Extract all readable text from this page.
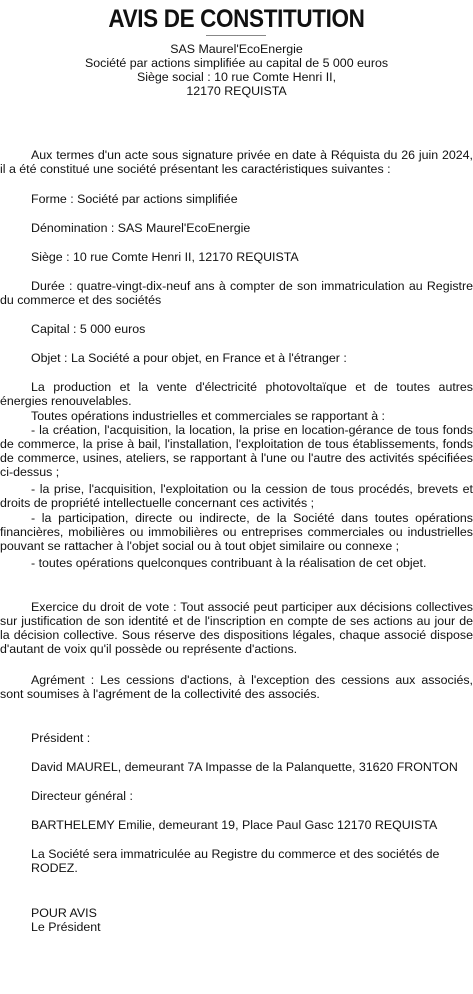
AVIS DE CONSTITUTION
SAS Maurel'EcoEnergie
Société par actions simplifiée au capital de 5 000 euros
Siège social : 10 rue Comte Henri II,
12170 REQUISTA

Aux termes d'un acte sous signature privée en date à Réquista du 26 juin 2024, il a été constitué une société présentant les caractéristiques suivantes :

Forme : Société par actions simplifiée

Dénomination : SAS Maurel'EcoEnergie

Siège : 10 rue Comte Henri II, 12170 REQUISTA

Durée : quatre-vingt-dix-neuf ans à compter de son immatriculation au Registre du commerce et des sociétés

Capital : 5 000 euros

Objet : La Société a pour objet, en France et à l'étranger :

La production et la vente d'électricité photovoltaïque et de toutes autres énergies renouvelables.

Toutes opérations industrielles et commerciales se rapportant à :

- la création, l'acquisition, la location, la prise en location-gérance de tous fonds de commerce, la prise à bail, l'installation, l'exploitation de tous établissements, fonds de commerce, usines, ateliers, se rapportant à l'une ou l'autre des activités spécifiées ci-dessus ;

- la prise, l'acquisition, l'exploitation ou la cession de tous procédés, brevets et droits de propriété intellectuelle concernant ces activités ;

- la participation, directe ou indirecte, de la Société dans toutes opérations financières, mobilières ou immobilières ou entreprises commerciales ou industrielles pouvant se rattacher à l'objet social ou à tout objet similaire ou connexe ;

- toutes opérations quelconques contribuant à la réalisation de cet objet.

Exercice du droit de vote : Tout associé peut participer aux décisions collectives sur justification de son identité et de l'inscription en compte de ses actions au jour de la décision collective. Sous réserve des dispositions légales, chaque associé dispose d'autant de voix qu'il possède ou représente d'actions.

Agrément : Les cessions d'actions, à l'exception des cessions aux associés, sont soumises à l'agrément de la collectivité des associés.

Président :

David MAUREL, demeurant 7A Impasse de la Palanquette, 31620 FRONTON

Directeur général :

BARTHELEMY Emilie, demeurant 19, Place Paul Gasc 12170 REQUISTA

La Société sera immatriculée au Registre du commerce et des sociétés de RODEZ.

POUR AVIS

Le Président
